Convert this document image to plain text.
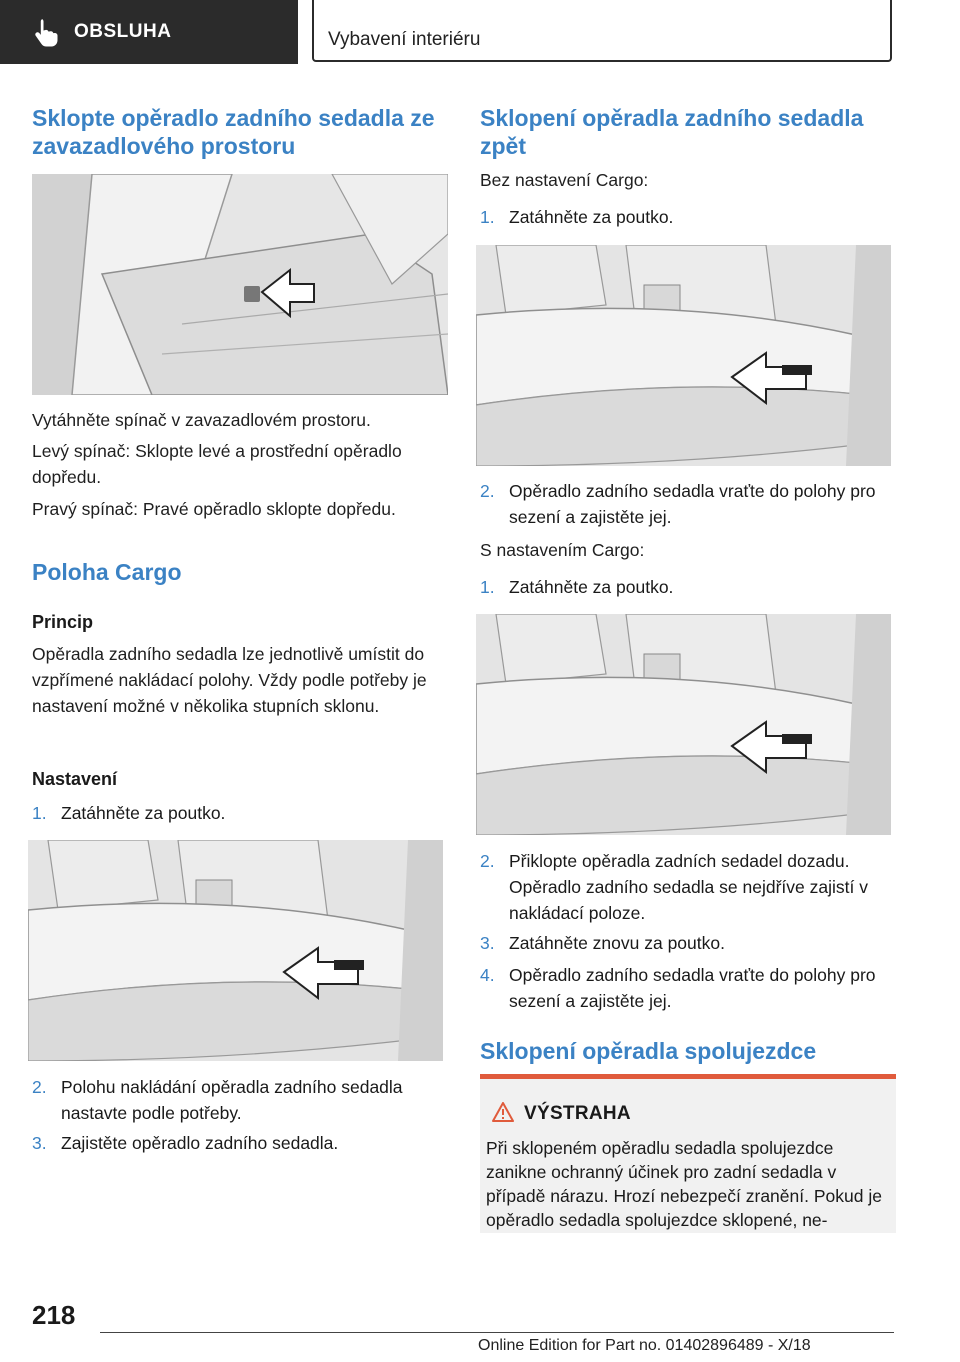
OBSLUHA	Vybavení interiéru
Sklopte opěradlo zadního sedadla ze zavazadlového prostoru

Vytáhněte spínač v zavazadlovém prostoru.

Levý spínač: Sklopte levé a prostřední opěradlo dopředu.

Pravý spínač: Pravé opěradlo sklopte dopředu.

Poloha Cargo

Princip

Opěradla zadního sedadla lze jednotlivě umístit do vzpřímené nakládací polohy. Vždy podle potřeby je nastavení možné v několika stupních sklonu.

Nastavení

1. Zatáhněte za poutko.
2. Polohu nakládání opěradla zadního sedadla nastavte podle potřeby.
3. Zajistěte opěradlo zadního sedadla.
Sklopení opěradla zadního sedadla zpět

Bez nastavení Cargo:

1. Zatáhněte za poutko.
2. Opěradlo zadního sedadla vraťte do polohy pro sezení a zajistěte jej.

S nastavením Cargo:

1. Zatáhněte za poutko.
2. Přiklopte opěradla zadních sedadel dozadu. Opěradlo zadního sedadla se nejdříve zajistí v nakládací poloze.
3. Zatáhněte znovu za poutko.
4. Opěradlo zadního sedadla vraťte do polohy pro sezení a zajistěte jej.
Sklopení opěradla spolujezdce
VÝSTRAHA
Při sklopeném opěradlu sedadla spolujezdce zanikne ochranný účinek pro zadní sedadla v případě nárazu. Hrozí nebezpečí zranění. Pokud je opěradlo sedadla spolujezdce sklopené, ne-
218
Online Edition for Part no. 01402896489 - X/18
